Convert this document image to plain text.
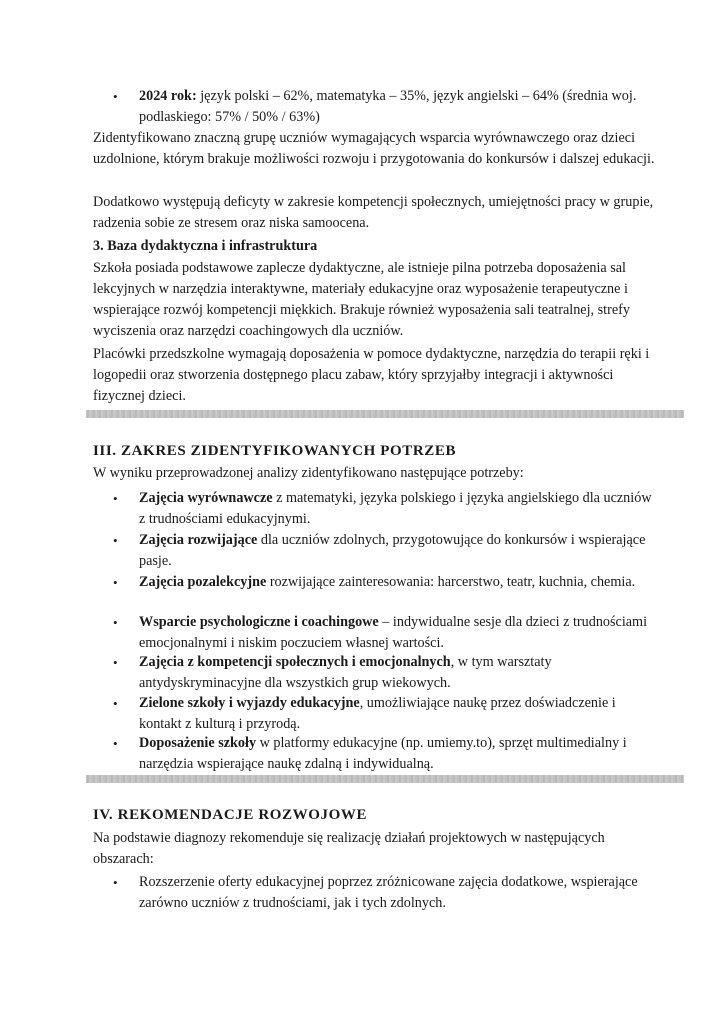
•	2024 rok: język polski – 62%, matematyka – 35%, język angielski – 64% (średnia woj. podlaskiego: 57% / 50% / 63%)

Zidentyfikowano znaczną grupę uczniów wymagających wsparcia wyrównawczego oraz dzieci uzdolnione, którym brakuje możliwości rozwoju i przygotowania do konkursów i dalszej edukacji.

Dodatkowo występują deficyty w zakresie kompetencji społecznych, umiejętności pracy w grupie, radzenia sobie ze stresem oraz niska samoocena.

3. Baza dydaktyczna i infrastruktura

Szkoła posiada podstawowe zaplecze dydaktyczne, ale istnieje pilna potrzeba doposażenia sal lekcyjnych w narzędzia interaktywne, materiały edukacyjne oraz wyposażenie terapeutyczne i wspierające rozwój kompetencji miękkich. Brakuje również wyposażenia sali teatralnej, strefy wyciszenia oraz narzędzi coachingowych dla uczniów.

Placówki przedszkolne wymagają doposażenia w pomoce dydaktyczne, narzędzia do terapii ręki i logopedii oraz stworzenia dostępnego placu zabaw, który sprzyjałby integracji i aktywności fizycznej dzieci.

III. ZAKRES ZIDENTYFIKOWANYCH POTRZEB

W wyniku przeprowadzonej analizy zidentyfikowano następujące potrzeby:

•	Zajęcia wyrównawcze z matematyki, języka polskiego i języka angielskiego dla uczniów z trudnościami edukacyjnymi.
•	Zajęcia rozwijające dla uczniów zdolnych, przygotowujące do konkursów i wspierające pasje.
•	Zajęcia pozalekcyjne rozwijające zainteresowania: harcerstwo, teatr, kuchnia, chemia.
•	Wsparcie psychologiczne i coachingowe – indywidualne sesje dla dzieci z trudnościami emocjonalnymi i niskim poczuciem własnej wartości.
•	Zajęcia z kompetencji społecznych i emocjonalnych, w tym warsztaty antydyskryminacyjne dla wszystkich grup wiekowych.
•	Zielone szkoły i wyjazdy edukacyjne, umożliwiające naukę przez doświadczenie i kontakt z kulturą i przyrodą.
•	Doposażenie szkoły w platformy edukacyjne (np. umiemy.to), sprzęt multimedialny i narzędzia wspierające naukę zdalną i indywidualną.
IV. REKOMENDACJE ROZWOJOWE

Na podstawie diagnozy rekomenduje się realizację działań projektowych w następujących obszarach:

•	Rozszerzenie oferty edukacyjnej poprzez zróżnicowane zajęcia dodatkowe, wspierające zarówno uczniów z trudnościami, jak i tych zdolnych.
